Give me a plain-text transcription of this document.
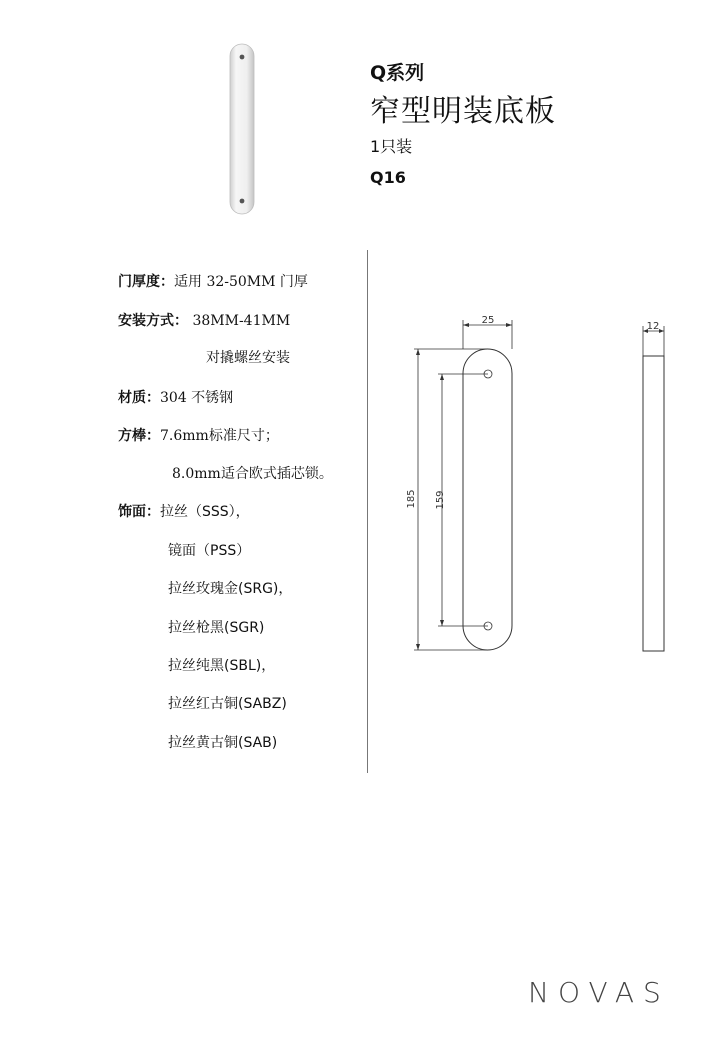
Q系列
窄型明装底板
1只装
Q16
门厚度：适用 32-50MM 门厚
安装方式： 38MM-41MM
对撬螺丝安装
材质：304 不锈钢
方棒：7.6mm标准尺寸；
8.0mm适合欧式插芯锁。
饰面：拉丝（SSS），
镜面（PSS）
拉丝玫瑰金(SRG)，
拉丝枪黑(SGR)
拉丝纯黑(SBL)，
拉丝红古铜(SABZ)
拉丝黄古铜(SAB)
25
185 159
12
NOVAS
